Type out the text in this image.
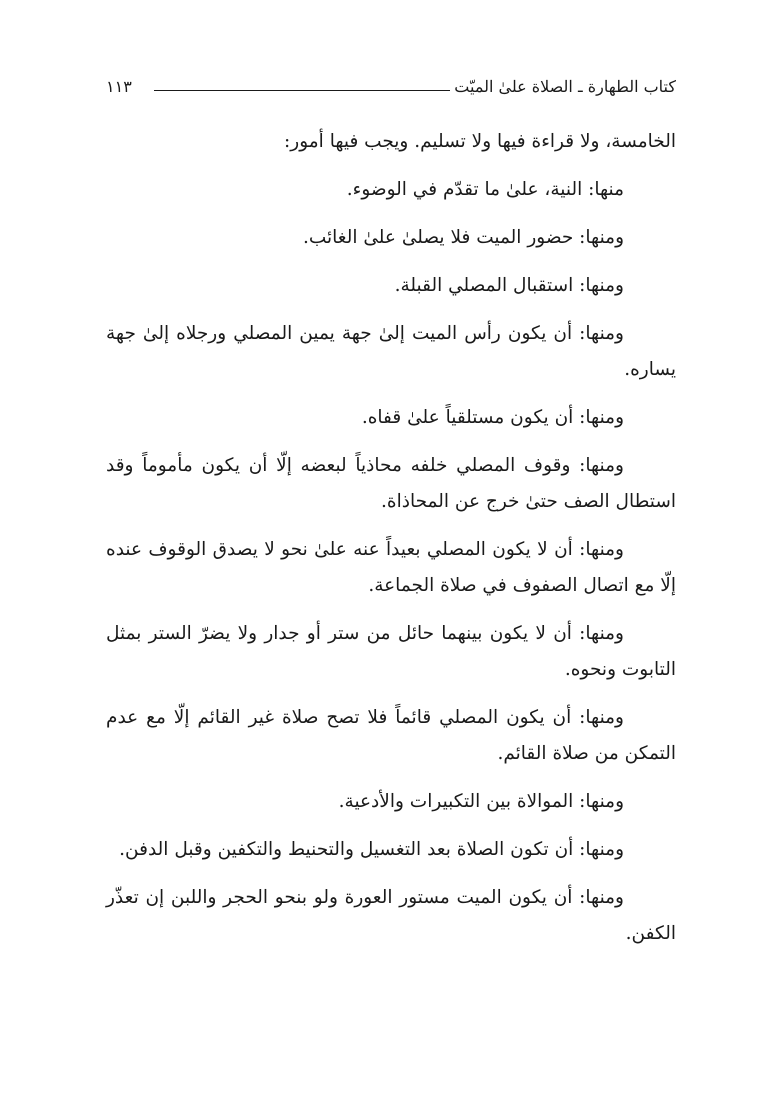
كتاب الطهارة ـ الصلاة علىٰ الميّت
١١٣

الخامسة، ولا قراءة فيها ولا تسليم. ويجب فيها أمور:

منها: النية، علىٰ ما تقدّم في الوضوء.

ومنها: حضور الميت فلا يصلىٰ علىٰ الغائب.

ومنها: استقبال المصلي القبلة.

ومنها: أن يكون رأس الميت إلىٰ جهة يمين المصلي ورجلاه إلىٰ جهة يساره.

ومنها: أن يكون مستلقياً علىٰ قفاه.

ومنها: وقوف المصلي خلفه محاذياً لبعضه إلّا أن يكون مأموماً وقد استطال الصف حتىٰ خرج عن المحاذاة.

ومنها: أن لا يكون المصلي بعيداً عنه علىٰ نحو لا يصدق الوقوف عنده إلّا مع اتصال الصفوف في صلاة الجماعة.

ومنها: أن لا يكون بينهما حائل من ستر أو جدار ولا يضرّ الستر بمثل التابوت ونحوه.

ومنها: أن يكون المصلي قائماً فلا تصح صلاة غير القائم إلّا مع عدم التمكن من صلاة القائم.

ومنها: الموالاة بين التكبيرات والأدعية.

ومنها: أن تكون الصلاة بعد التغسيل والتحنيط والتكفين وقبل الدفن.

ومنها: أن يكون الميت مستور العورة ولو بنحو الحجر واللبن إن تعذّر الكفن.
